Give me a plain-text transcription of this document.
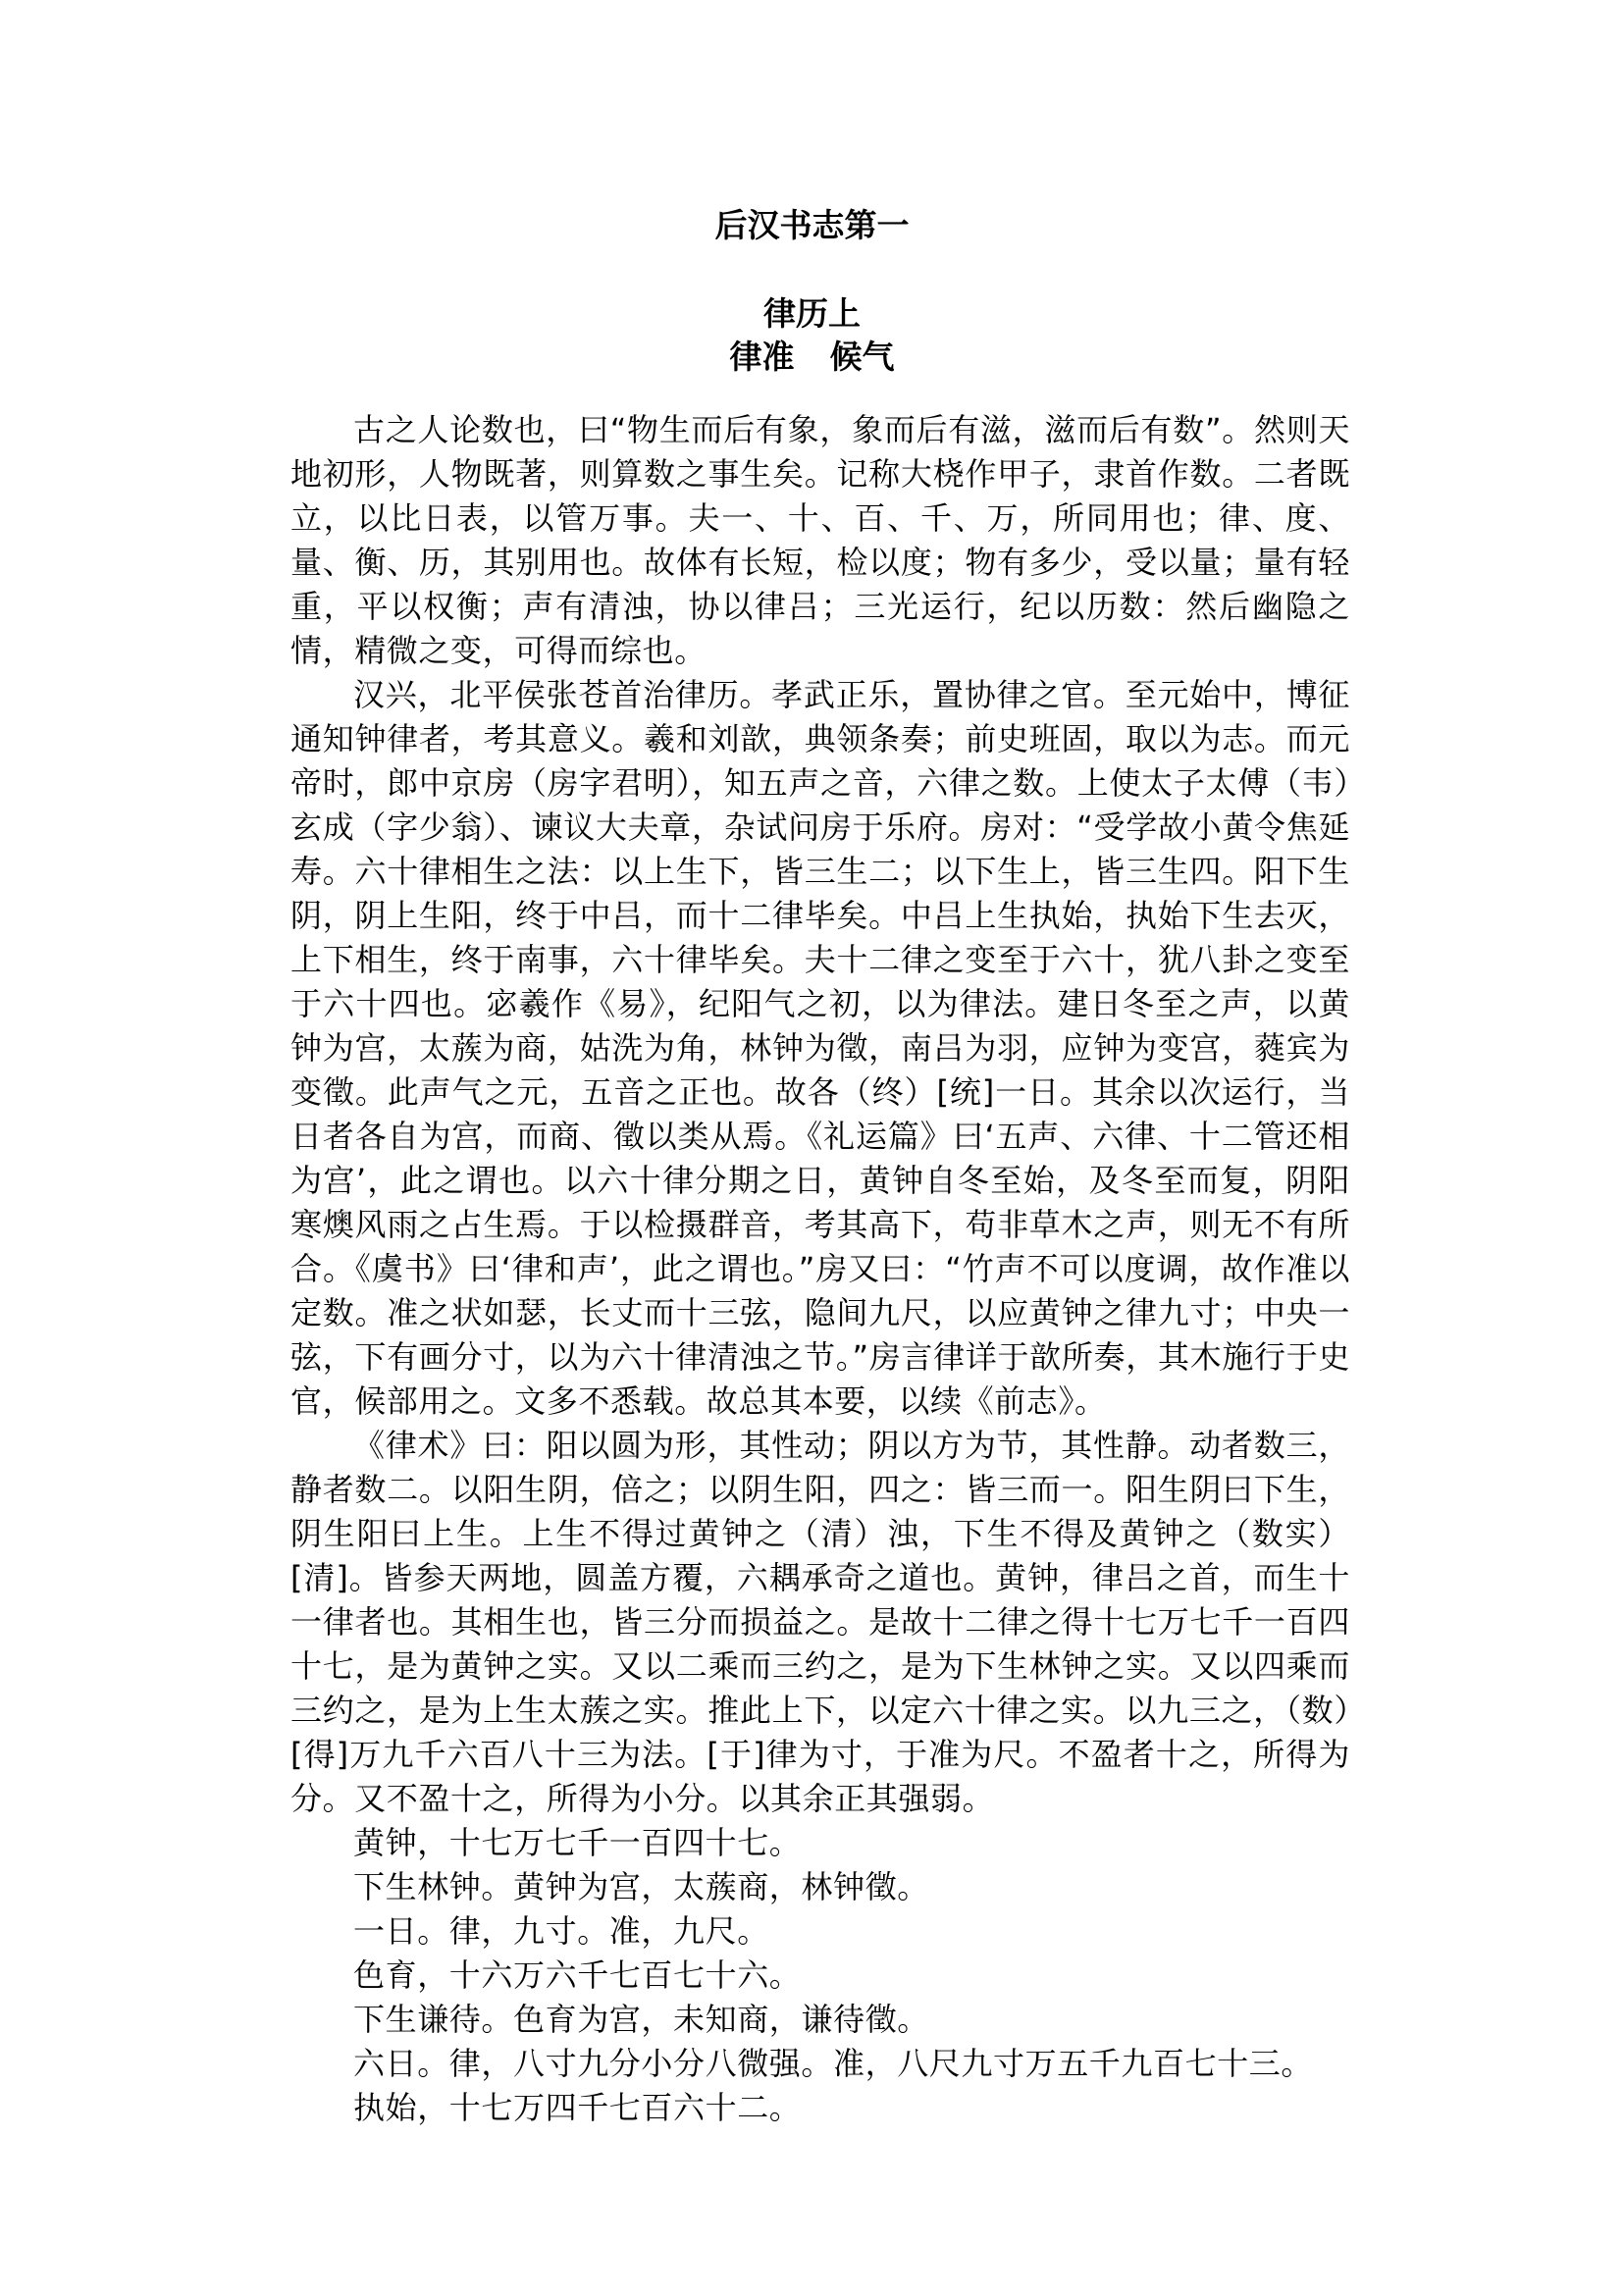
后汉书志第一
律历上
律准 候气

古之人论数也，曰“物生而后有象，象而后有滋，滋而后有数”。然则天地初形，人物既著，则算数之事生矣。记称大桡作甲子，隶首作数。二者既立，以比日表，以管万事。夫一、十、百、千、万，所同用也；律、度、量、衡、历，其别用也。故体有长短，检以度；物有多少，受以量；量有轻重，平以权衡；声有清浊，协以律吕；三光运行，纪以历数：然后幽隐之情，精微之变，可得而综也。

汉兴，北平侯张苍首治律历。孝武正乐，置协律之官。至元始中，博征通知钟律者，考其意义。羲和刘歆，典领条奏；前史班固，取以为志。而元帝时，郎中京房（房字君明），知五声之音，六律之数。上使太子太傅（韦）玄成（字少翁）、谏议大夫章，杂试问房于乐府。房对：“受学故小黄令焦延寿。六十律相生之法：以上生下，皆三生二；以下生上，皆三生四。阳下生阴，阴上生阳，终于中吕，而十二律毕矣。中吕上生执始，执始下生去灭，上下相生，终于南事，六十律毕矣。夫十二律之变至于六十，犹八卦之变至于六十四也。宓羲作《易》，纪阳气之初，以为律法。建日冬至之声，以黄钟为宫，太蔟为商，姑洗为角，林钟为徵，南吕为羽，应钟为变宫，蕤宾为变徵。此声气之元，五音之正也。故各（终）[统]一日。其余以次运行，当日者各自为宫，而商、徵以类从焉。《礼运篇》曰‘五声、六律、十二管还相为宫’，此之谓也。以六十律分期之日，黄钟自冬至始，及冬至而复，阴阳寒燠风雨之占生焉。于以检摄群音，考其高下，苟非草木之声，则无不有所合。《虞书》曰‘律和声’，此之谓也。”房又曰：“竹声不可以度调，故作准以定数。准之状如瑟，长丈而十三弦，隐间九尺，以应黄钟之律九寸；中央一弦，下有画分寸，以为六十律清浊之节。”房言律详于歆所奏，其木施行于史官，候部用之。文多不悉载。故总其本要，以续《前志》。

《律术》曰：阳以圆为形，其性动；阴以方为节，其性静。动者数三，静者数二。以阳生阴，倍之；以阴生阳，四之：皆三而一。阳生阴曰下生，阴生阳曰上生。上生不得过黄钟之（清）浊，下生不得及黄钟之（数实）[清]。皆参天两地，圆盖方覆，六耦承奇之道也。黄钟，律吕之首，而生十一律者也。其相生也，皆三分而损益之。是故十二律之得十七万七千一百四十七，是为黄钟之实。又以二乘而三约之，是为下生林钟之实。又以四乘而三约之，是为上生太蔟之实。推此上下，以定六十律之实。以九三之，（数）[得]万九千六百八十三为法。[于]律为寸，于准为尺。不盈者十之，所得为分。又不盈十之，所得为小分。以其余正其强弱。

黄钟，十七万七千一百四十七。

下生林钟。黄钟为宫，太蔟商，林钟徵。

一日。律，九寸。准，九尺。

色育，十六万六千七百七十六。

下生谦待。色育为宫，未知商，谦待徵。

六日。律，八寸九分小分八微强。准，八尺九寸万五千九百七十三。

执始，十七万四千七百六十二。
